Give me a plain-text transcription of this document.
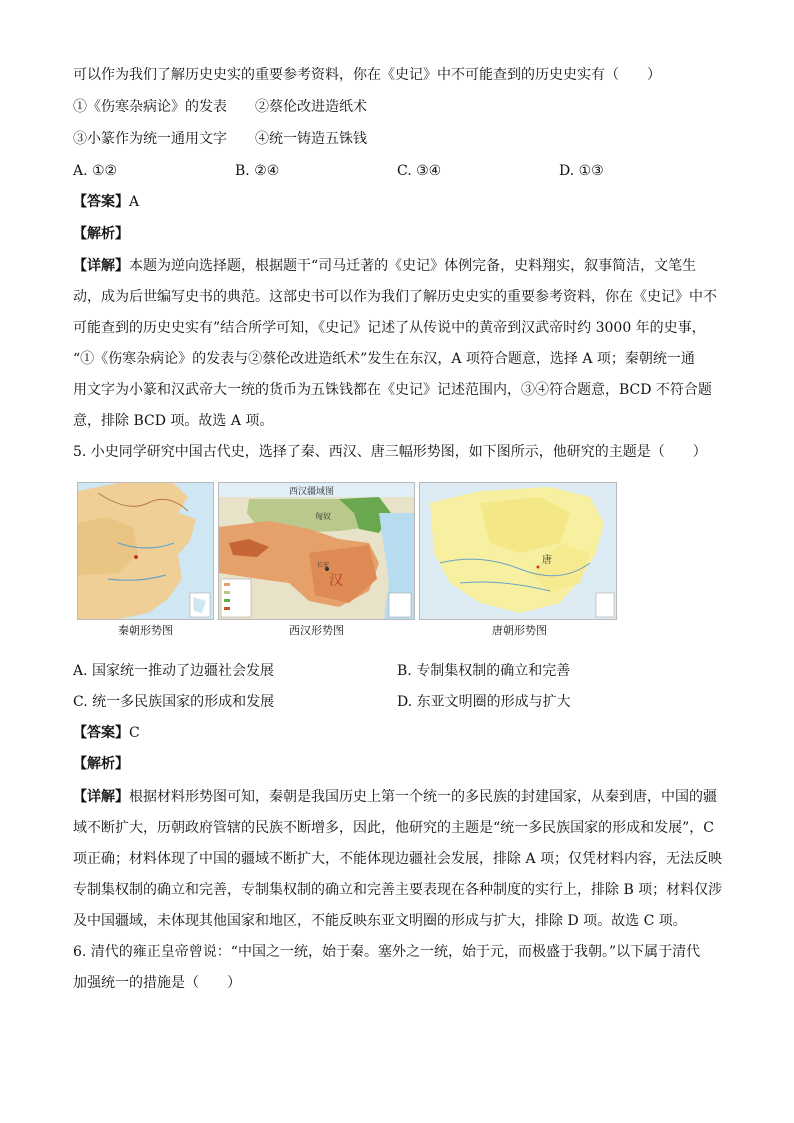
可以作为我们了解历史史实的重要参考资料，你在《史记》中不可能查到的历史史实有（　　）
①《伤寒杂病论》的发表　　②蔡伦改进造纸术
③小篆作为统一通用文字　　④统一铸造五铢钱
A. ①②	B. ②④	C. ③④	D. ①③
【答案】A
【解析】
【详解】本题为逆向选择题，根据题干“司马迁著的《史记》体例完备，史料翔实，叙事简洁，文笔生
动，成为后世编写史书的典范。这部史书可以作为我们了解历史史实的重要参考资料，你在《史记》中不
可能查到的历史史实有”结合所学可知，《史记》记述了从传说中的黄帝到汉武帝时约 3000 年的史事，
“①《伤寒杂病论》的发表与②蔡伦改进造纸术”发生在东汉，A 项符合题意，选择 A 项；秦朝统一通
用文字为小篆和汉武帝大一统的货币为五铢钱都在《史记》记述范围内，③④符合题意，BCD 不符合题
意，排除 BCD 项。故选 A 项。
5. 小史同学研究中国古代史，选择了秦、西汉、唐三幅形势图，如下图所示，他研究的主题是（　　）
西汉疆域图
匈奴
汉
长安	唐
秦朝形势图	西汉形势图	唐朝形势图
A. 国家统一推动了边疆社会发展	B. 专制集权制的确立和完善
C. 统一多民族国家的形成和发展	D. 东亚文明圈的形成与扩大
【答案】C
【解析】
【详解】根据材料形势图可知，秦朝是我国历史上第一个统一的多民族的封建国家，从秦到唐，中国的疆
域不断扩大，历朝政府管辖的民族不断增多，因此，他研究的主题是“统一多民族国家的形成和发展”，C
项正确；材料体现了中国的疆域不断扩大，不能体现边疆社会发展，排除 A 项；仅凭材料内容，无法反映
专制集权制的确立和完善，专制集权制的确立和完善主要表现在各种制度的实行上，排除 B 项；材料仅涉
及中国疆域，未体现其他国家和地区，不能反映东亚文明圈的形成与扩大，排除 D 项。故选 C 项。
6. 清代的雍正皇帝曾说：“中国之一统，始于秦。塞外之一统，始于元，而极盛于我朝。”以下属于清代
加强统一的措施是（　　）
